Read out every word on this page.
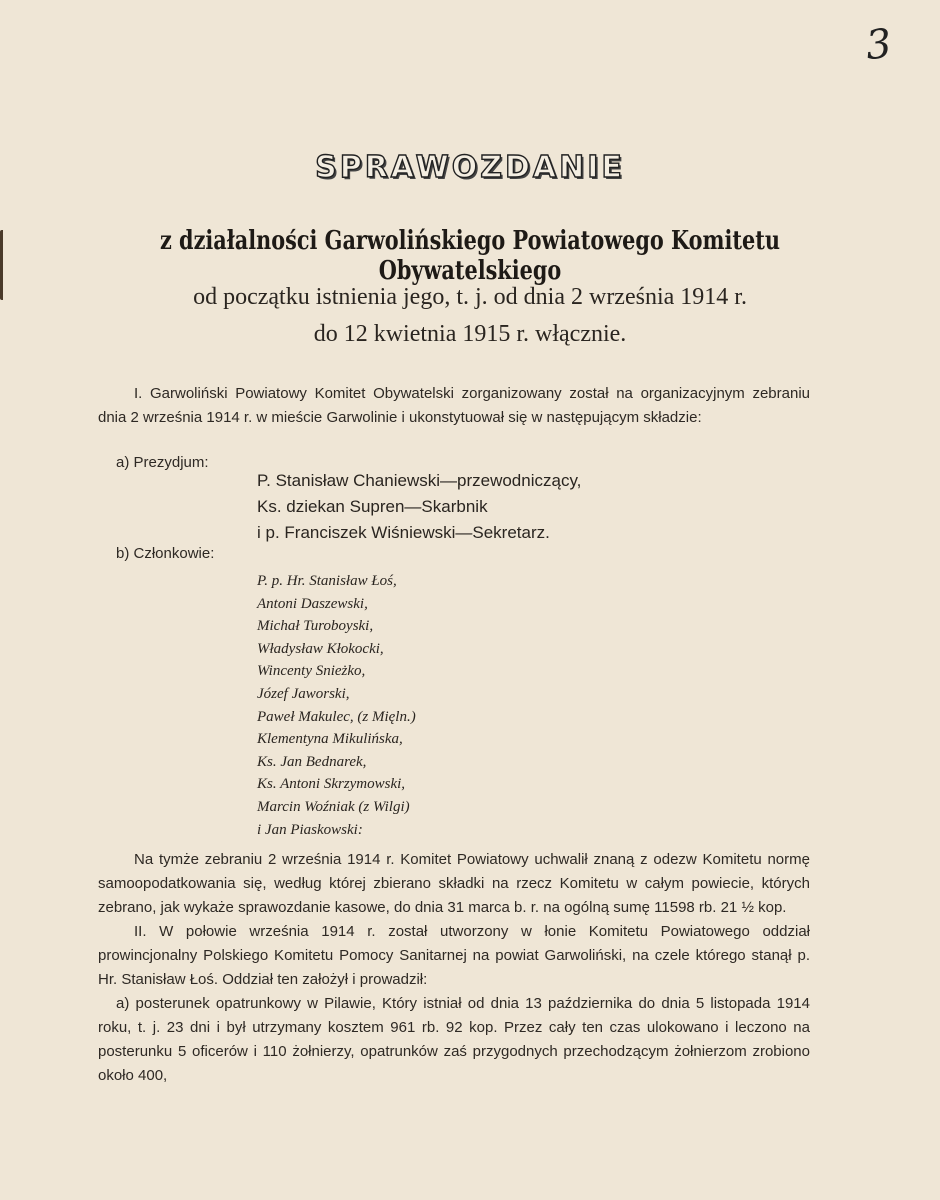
3
SPRAWOZDANIE
z działalności Garwolińskiego Powiatowego Komitetu Obywatelskiego
od początku istnienia jego, t. j. od dnia 2 września 1914 r.
do 12 kwietnia 1915 r. włącznie.

I. Garwoliński Powiatowy Komitet Obywatelski zorganizowany został na organizacyjnym zebraniu dnia 2 września 1914 r. w mieście Garwolinie i ukonstytuował się w następującym składzie:

a) Prezydjum:
P. Stanisław Chaniewski—przewodniczący,
Ks. dziekan Supren—Skarbnik
i p. Franciszek Wiśniewski—Sekretarz.
b) Członkowie:
P. p. Hr. Stanisław Łoś,
Antoni Daszewski,
Michał Turoboyski,
Władysław Kłokocki,
Wincenty Snieżko,
Józef Jaworski,
Paweł Makulec, (z Mięln.)
Klementyna Mikulińska,
Ks. Jan Bednarek,
Ks. Antoni Skrzymowski,
Marcin Woźniak (z Wilgi)
i Jan Piaskowski:

Na tymże zebraniu 2 września 1914 r. Komitet Powiatowy uchwalił znaną z odezw Komitetu normę samoopodatkowania się, według której zbierano składki na rzecz Komitetu w całym powiecie, których zebrano, jak wykaże sprawozdanie kasowe, do dnia 31 marca b. r. na ogólną sumę 11598 rb. 21 ½ kop.

II. W połowie września 1914 r. został utworzony w łonie Komitetu Powiatowego oddział prowincjonalny Polskiego Komitetu Pomocy Sanitarnej na powiat Garwoliński, na czele którego stanął p. Hr. Stanisław Łoś. Oddział ten założył i prowadził:

a) posterunek opatrunkowy w Pilawie, Który istniał od dnia 13 października do dnia 5 listopada 1914 roku, t. j. 23 dni i był utrzymany kosztem 961 rb. 92 kop. Przez cały ten czas ulokowano i leczono na posterunku 5 oficerów i 110 żołnierzy, opatrunków zaś przygodnych przechodzącym żołnierzom zrobiono około 400,
